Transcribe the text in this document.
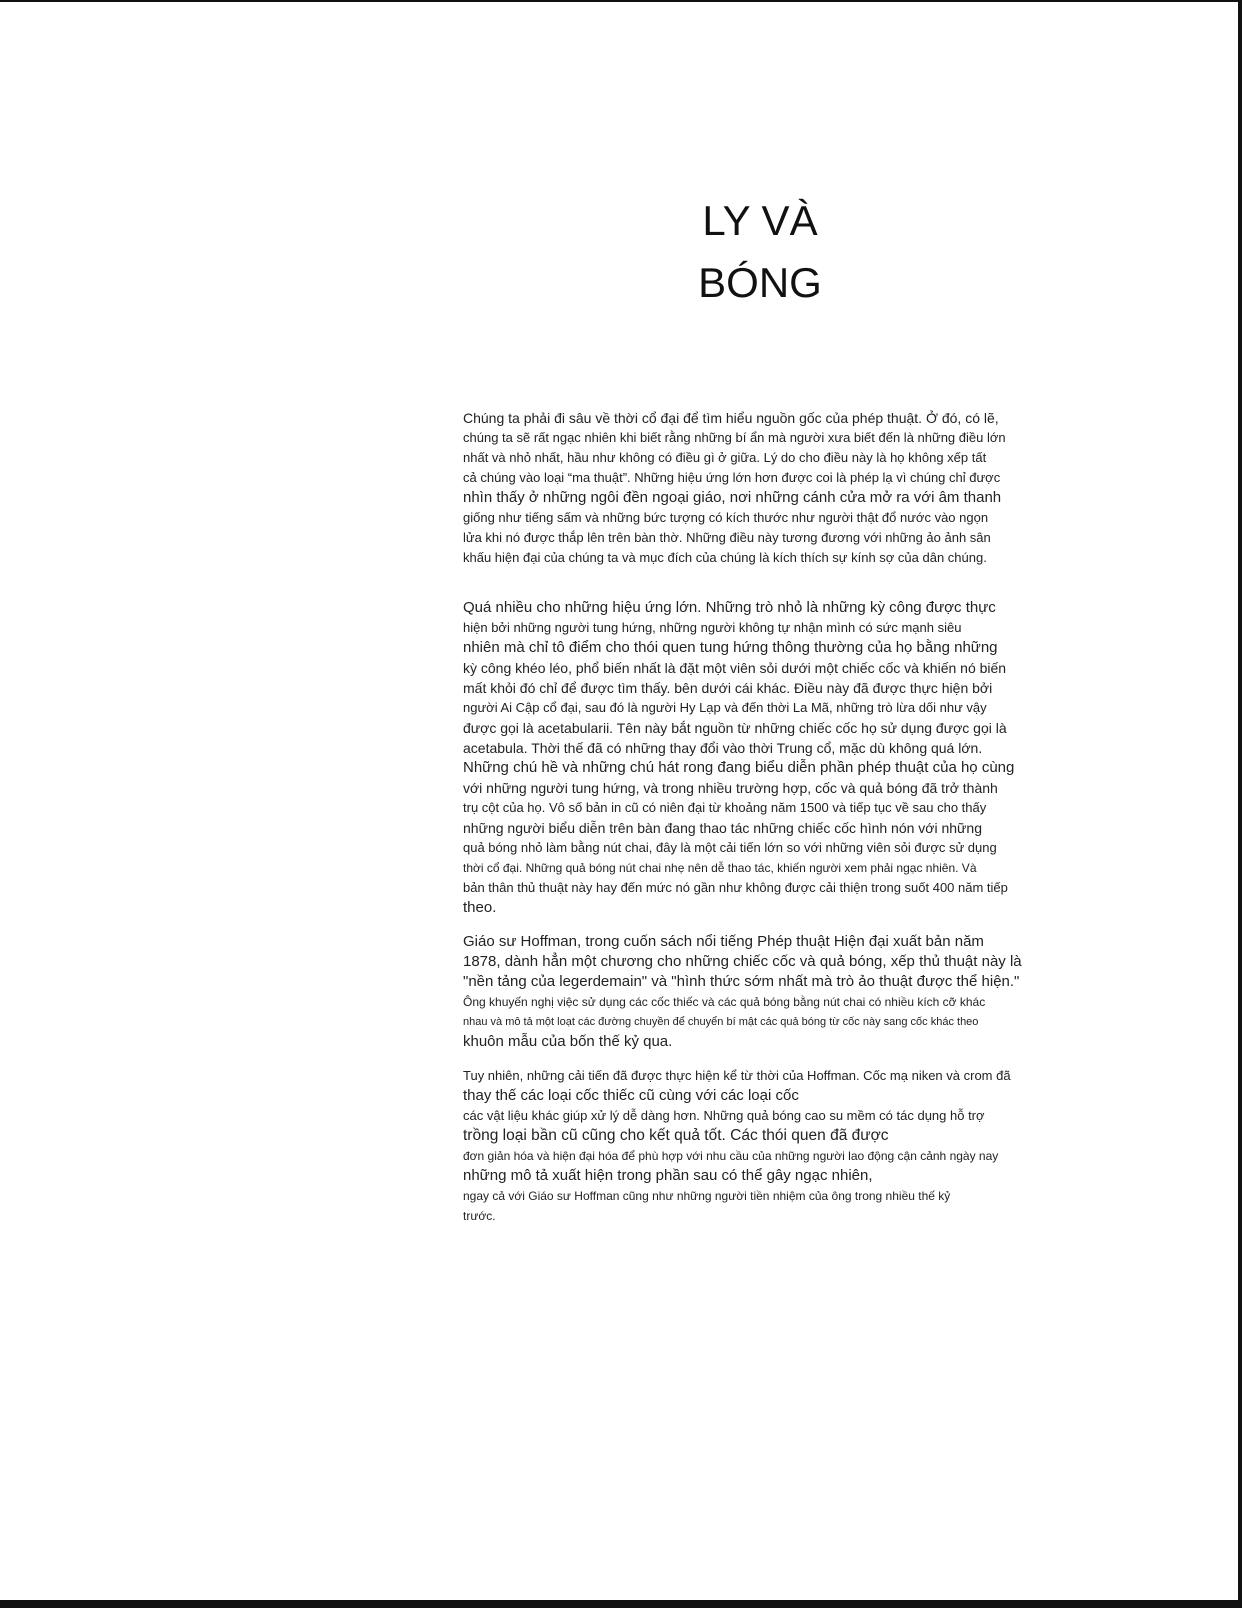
LY VÀ
BÓNG

Chúng ta phải đi sâu về thời cổ đại để tìm hiểu nguồn gốc của phép thuật. Ở đó, có lẽ,
chúng ta sẽ rất ngạc nhiên khi biết rằng những bí ẩn mà người xưa biết đến là những điều lớn
nhất và nhỏ nhất, hầu như không có điều gì ở giữa. Lý do cho điều này là họ không xếp tất
cả chúng vào loại “ma thuật”. Những hiệu ứng lớn hơn được coi là phép lạ vì chúng chỉ được
nhìn thấy ở những ngôi đền ngoại giáo, nơi những cánh cửa mở ra với âm thanh
giống như tiếng sấm và những bức tượng có kích thước như người thật đổ nước vào ngọn
lửa khi nó được thắp lên trên bàn thờ. Những điều này tương đương với những ảo ảnh sân
khấu hiện đại của chúng ta và mục đích của chúng là kích thích sự kính sợ của dân chúng.

Quá nhiều cho những hiệu ứng lớn. Những trò nhỏ là những kỳ công được thực
hiện bởi những người tung hứng, những người không tự nhận mình có sức mạnh siêu
nhiên mà chỉ tô điểm cho thói quen tung hứng thông thường của họ bằng những
kỳ công khéo léo, phổ biến nhất là đặt một viên sỏi dưới một chiếc cốc và khiến nó biến
mất khỏi đó chỉ để được tìm thấy. bên dưới cái khác. Điều này đã được thực hiện bởi
người Ai Cập cổ đại, sau đó là người Hy Lạp và đến thời La Mã, những trò lừa dối như vậy
được gọi là acetabularii. Tên này bắt nguồn từ những chiếc cốc họ sử dụng được gọi là
acetabula. Thời thế đã có những thay đổi vào thời Trung cổ, mặc dù không quá lớn.
Những chú hề và những chú hát rong đang biểu diễn phần phép thuật của họ cùng
với những người tung hứng, và trong nhiều trường hợp, cốc và quả bóng đã trở thành
trụ cột của họ. Vô số bản in cũ có niên đại từ khoảng năm 1500 và tiếp tục về sau cho thấy
những người biểu diễn trên bàn đang thao tác những chiếc cốc hình nón với những
quả bóng nhỏ làm bằng nút chai, đây là một cải tiến lớn so với những viên sỏi được sử dụng
thời cổ đại. Những quả bóng nút chai nhẹ nên dễ thao tác, khiến người xem phải ngạc nhiên. Và
bản thân thủ thuật này hay đến mức nó gần như không được cải thiện trong suốt 400 năm tiếp
theo.

Giáo sư Hoffman, trong cuốn sách nổi tiếng Phép thuật Hiện đại xuất bản năm
1878, dành hẳn một chương cho những chiếc cốc và quả bóng, xếp thủ thuật này là
"nền tảng của legerdemain" và "hình thức sớm nhất mà trò ảo thuật được thể hiện."
Ông khuyến nghị việc sử dụng các cốc thiếc và các quả bóng bằng nút chai có nhiều kích cỡ khác
nhau và mô tả một loạt các đường chuyền để chuyển bí mật các quả bóng từ cốc này sang cốc khác theo
khuôn mẫu của bốn thế kỷ qua.

Tuy nhiên, những cải tiến đã được thực hiện kể từ thời của Hoffman. Cốc mạ niken và crom đã
thay thế các loại cốc thiếc cũ cùng với các loại cốc
các vật liệu khác giúp xử lý dễ dàng hơn. Những quả bóng cao su mềm có tác dụng hỗ trợ
trồng loại bần cũ cũng cho kết quả tốt. Các thói quen đã được
đơn giản hóa và hiện đại hóa để phù hợp với nhu cầu của những người lao động cận cảnh ngày nay
những mô tả xuất hiện trong phần sau có thể gây ngạc nhiên,
ngay cả với Giáo sư Hoffman cũng như những người tiền nhiệm của ông trong nhiều thế kỷ
trước.
